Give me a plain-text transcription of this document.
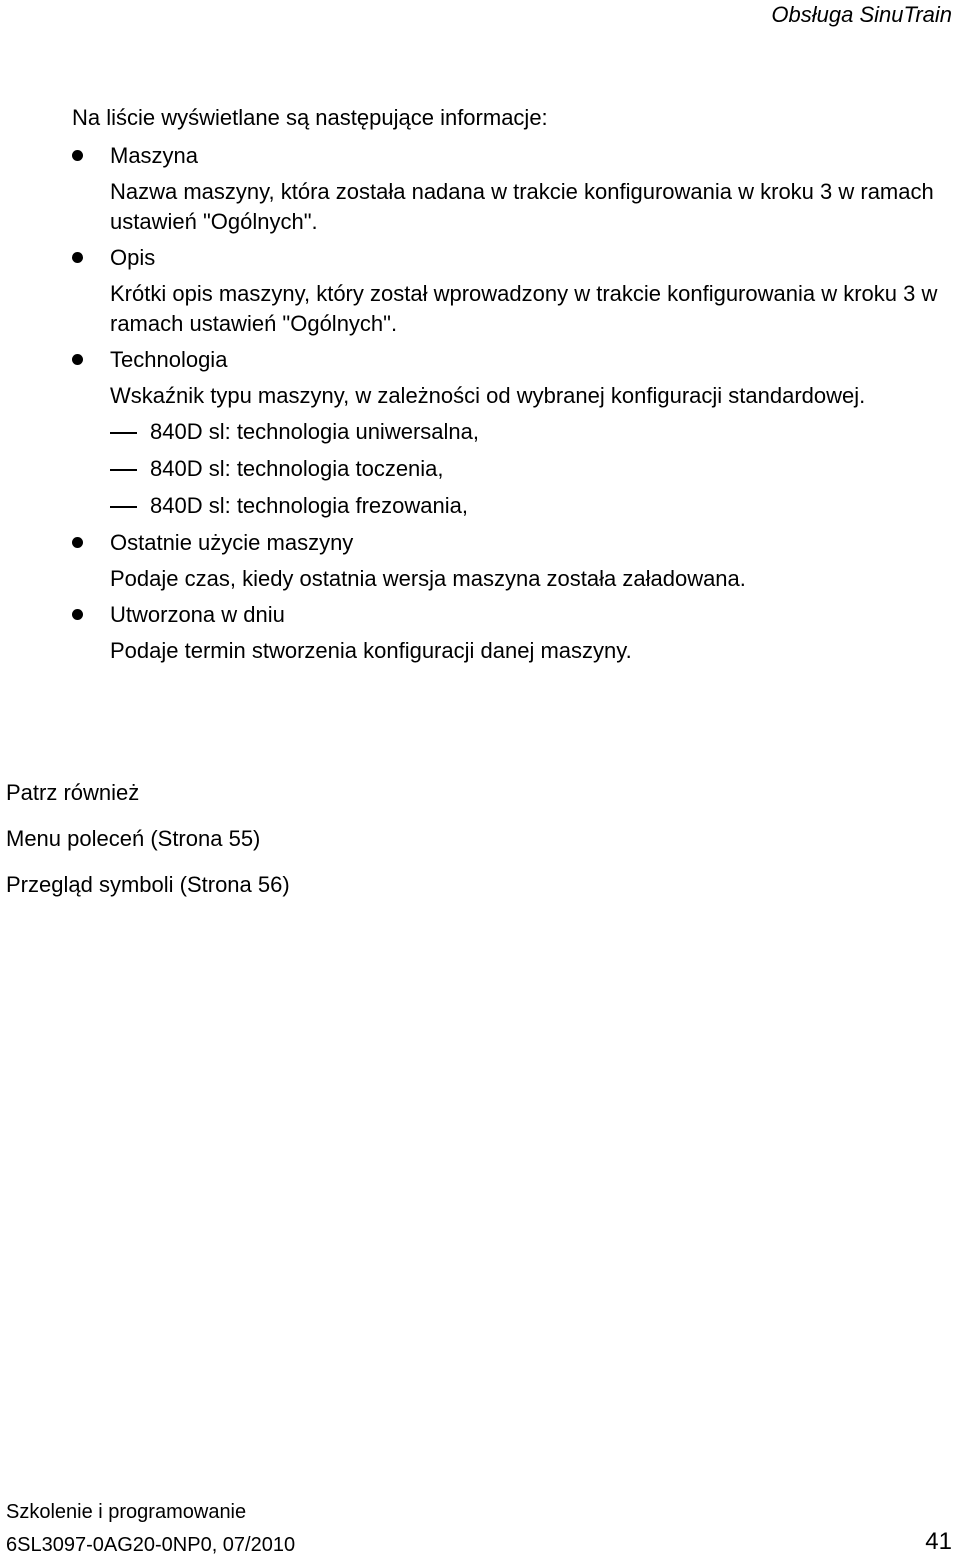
Obsługa SinuTrain

Na liście wyświetlane są następujące informacje:

Maszyna

Nazwa maszyny, która została nadana w trakcie konfigurowania w kroku 3 w ramach ustawień "Ogólnych".

Opis

Krótki opis maszyny, który został wprowadzony w trakcie konfigurowania w kroku 3 w ramach ustawień "Ogólnych".

Technologia

Wskaźnik typu maszyny, w zależności od wybranej konfiguracji standardowej.

840D sl: technologia uniwersalna,

840D sl: technologia toczenia,

840D sl: technologia frezowania,

Ostatnie użycie maszyny

Podaje czas, kiedy ostatnia wersja maszyna została załadowana.

Utworzona w dniu

Podaje termin stworzenia konfiguracji danej maszyny.

Patrz również

Menu poleceń (Strona 55)

Przegląd symboli (Strona 56)

Szkolenie i programowanie
6SL3097-0AG20-0NP0, 07/2010	41
